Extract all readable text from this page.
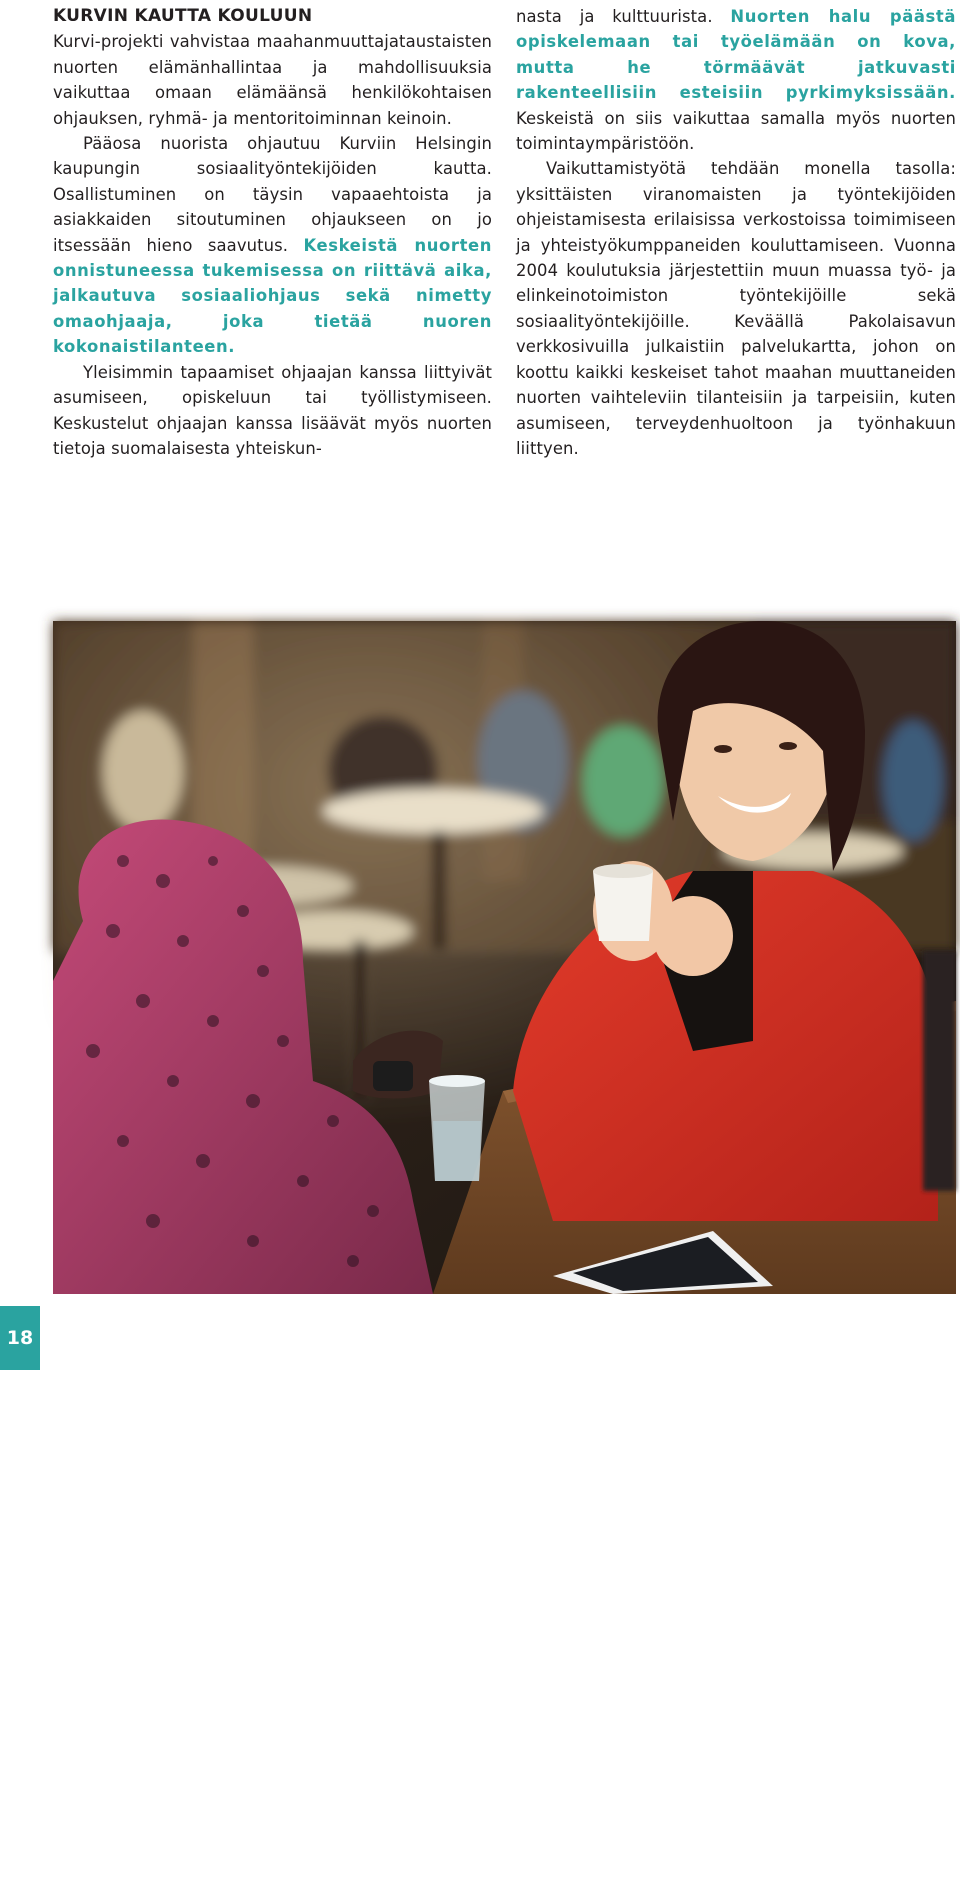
KURVIN KAUTTA KOULUUN

Kurvi-projekti vahvistaa maahanmuuttajataustaisten nuorten elämänhallintaa ja mahdollisuuksia vaikuttaa omaan elämäänsä henkilökohtaisen ohjauksen, ryhmä- ja mentoritoiminnan keinoin.

Pääosa nuorista ohjautuu Kurviin Helsingin kaupungin sosiaalityöntekijöiden kautta. Osallistuminen on täysin vapaaehtoista ja asiakkaiden sitoutuminen ohjaukseen on jo itsessään hieno saavutus. Keskeistä nuorten onnistuneessa tukemisessa on riittävä aika, jalkautuva sosiaaliohjaus sekä nimetty omaohjaaja, joka tietää nuoren kokonaistilanteen.

Yleisimmin tapaamiset ohjaajan kanssa liittyivät asumiseen, opiskeluun tai työllistymiseen. Keskustelut ohjaajan kanssa lisäävät myös nuorten tietoja suomalaisesta yhteiskun-

nasta ja kulttuurista. Nuorten halu päästä opiskelemaan tai työelämään on kova, mutta he törmäävät jatkuvasti rakenteellisiin esteisiin pyrkimyksissään. Keskeistä on siis vaikuttaa samalla myös nuorten toimintaympäristöön.

Vaikuttamistyötä tehdään monella tasolla: yksittäisten viranomaisten ja työntekijöiden ohjeistamisesta erilaisissa verkostoissa toimimiseen ja yhteistyökumppaneiden kouluttamiseen. Vuonna 2004 koulutuksia järjestettiin muun muassa työ- ja elinkeinotoimiston työntekijöille sekä sosiaalityöntekijöille. Keväällä Pakolaisavun verkkosivuilla julkaistiin palvelukartta, johon on koottu kaikki keskeiset tahot maahan muuttaneiden nuorten vaihteleviin tilanteisiin ja tarpeisiin, kuten asumiseen, terveydenhuoltoon ja työnhakuun liittyen.

Laura Böök
18
